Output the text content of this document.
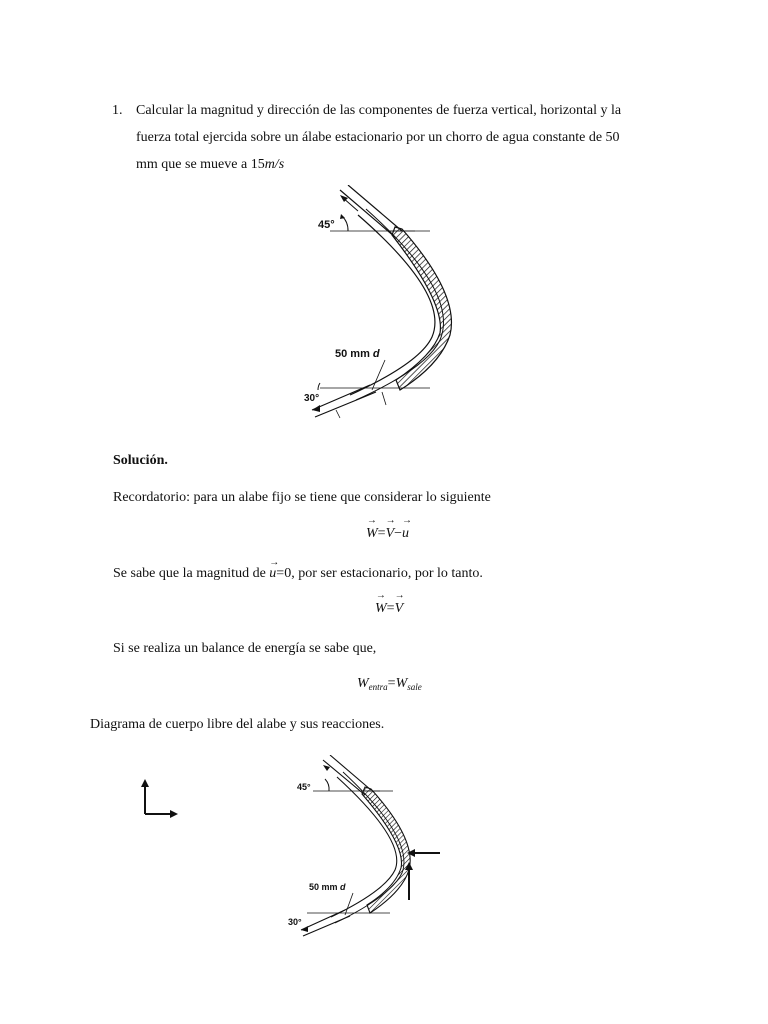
1. Calcular la magnitud y dirección de las componentes de fuerza vertical, horizontal y la
fuerza total ejercida sobre un álabe estacionario por un chorro de agua constante de 50
mm que se mueve a 15m/s
45°
50 mm d
30°
Solución.
Recordatorio: para un alabe fijo se tiene que considerar lo siguiente
→ W=→ V−→ u
Se sabe que la magnitud de → u=0, por ser estacionario, por lo tanto.
→ W=→ V
Si se realiza un balance de energía se sabe que,
$W_{entra}=W_{sale}$
Diagrama de cuerpo libre del alabe y sus reacciones.
45°
50 mm d
30°
